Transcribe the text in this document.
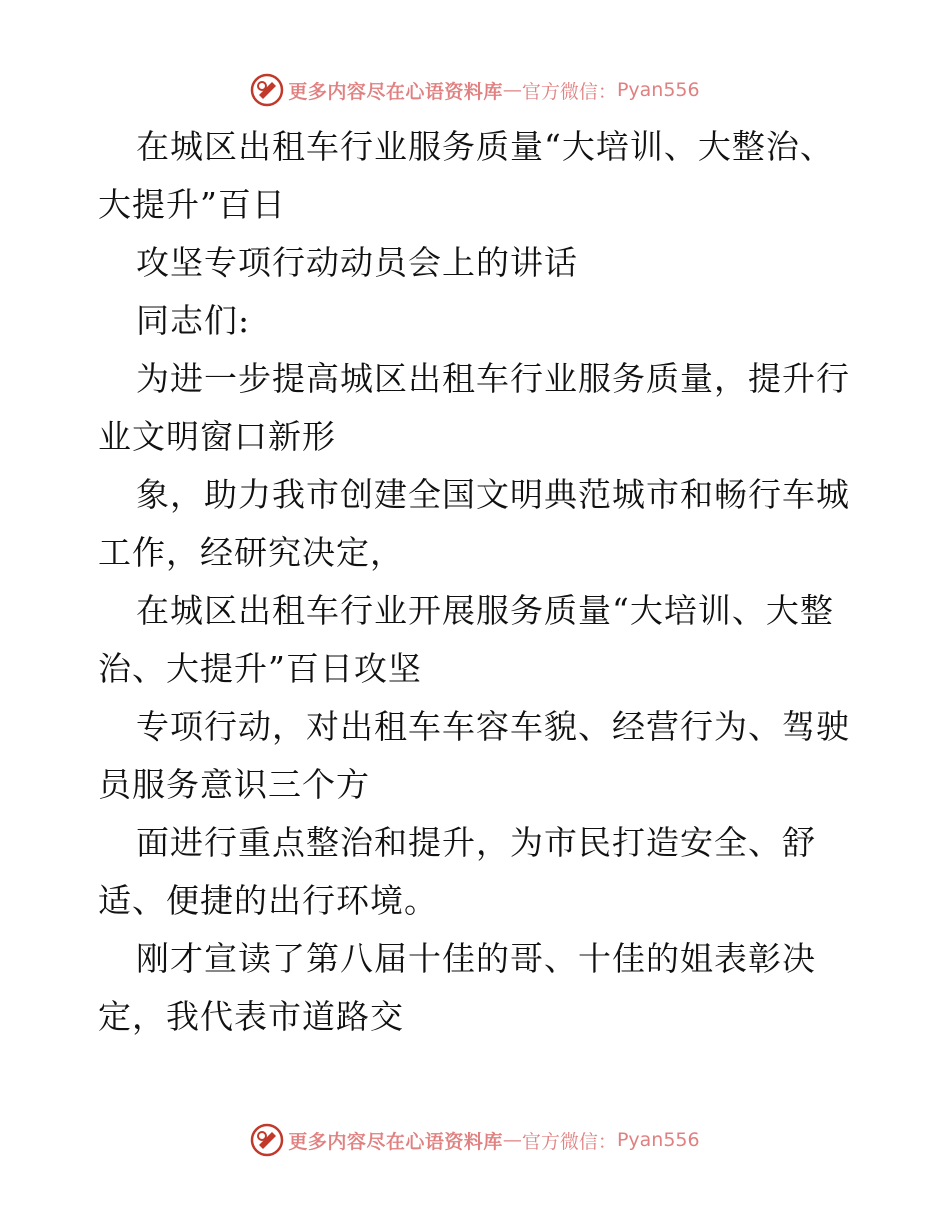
更多内容尽在心语资料库 — 官方微信： Pyan556

在城区出租车行业服务质量“大培训、大整治、大提升”百日

攻坚专项行动动员会上的讲话

同志们:

为进一步提高城区出租车行业服务质量，提升行业文明窗口新形

象，助力我市创建全国文明典范城市和畅行车城工作，经研究决定，

在城区出租车行业开展服务质量“大培训、大整治、大提升”百日攻坚

专项行动，对出租车车容车貌、经营行为、驾驶员服务意识三个方

面进行重点整治和提升，为市民打造安全、舒适、便捷的出行环境。

刚才宣读了第八届十佳的哥、十佳的姐表彰决定，我代表市道路交

更多内容尽在心语资料库 — 官方微信： Pyan556
